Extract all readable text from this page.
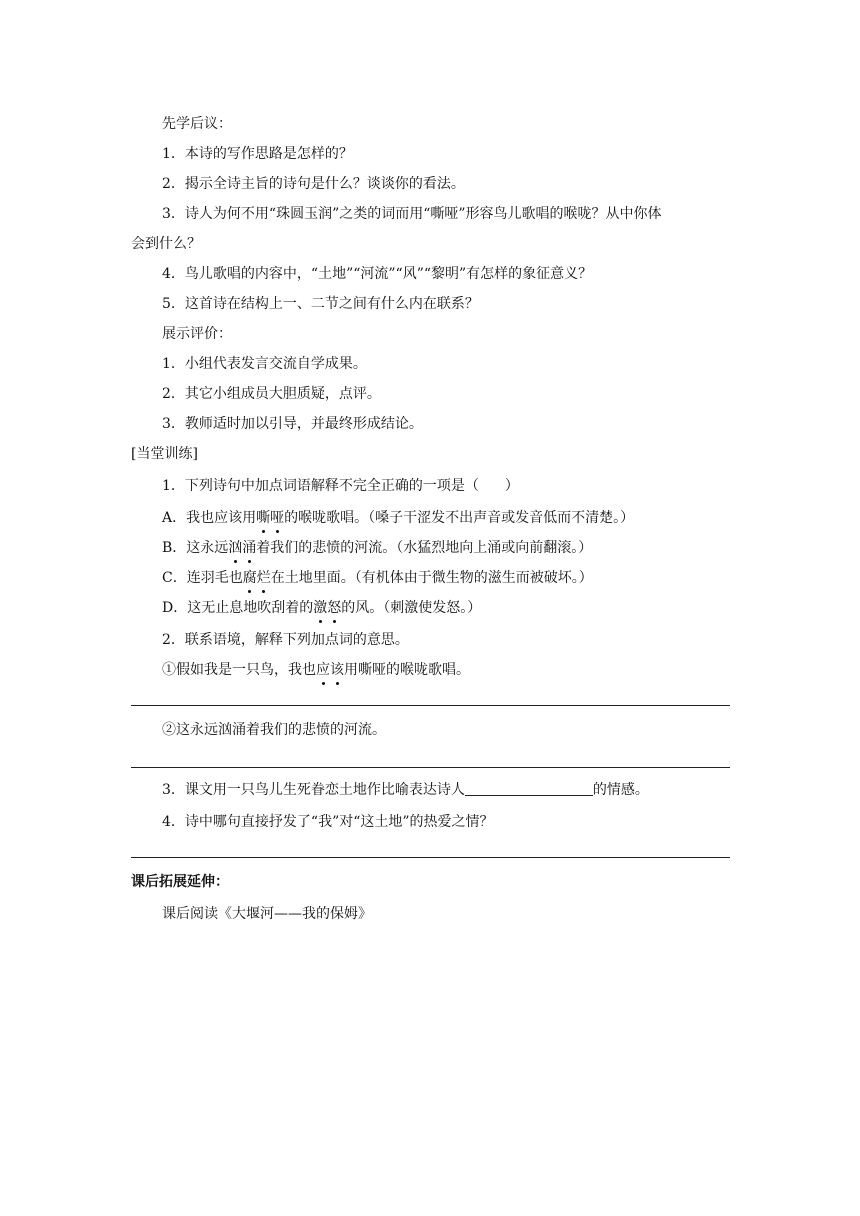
先学后议：
1．本诗的写作思路是怎样的？
2．揭示全诗主旨的诗句是什么？谈谈你的看法。
3．诗人为何不用“珠圆玉润”之类的词而用“嘶哑”形容鸟儿歌唱的喉咙？从中你体
会到什么？
4．鸟儿歌唱的内容中，“土地”“河流”“风”“黎明”有怎样的象征意义？
5．这首诗在结构上一、二节之间有什么内在联系？
展示评价：
1．小组代表发言交流自学成果。
2．其它小组成员大胆质疑，点评。
3．教师适时加以引导，并最终形成结论。
[当堂训练]
1．下列诗句中加点词语解释不完全正确的一项是（ ）
A．我也应该用嘶哑的喉咙歌唱。（嗓子干涩发不出声音或发音低而不清楚。）
B．这永远汹涌着我们的悲愤的河流。（水猛烈地向上涌或向前翻滚。）
C．连羽毛也腐烂在土地里面。（有机体由于微生物的滋生而被破坏。）
D．这无止息地吹刮着的激怒的风。（刺激使发怒。）
2．联系语境，解释下列加点词的意思。
①假如我是一只鸟，我也应该用嘶哑的喉咙歌唱。
②这永远汹涌着我们的悲愤的河流。
3．课文用一只鸟儿生死眷恋土地作比喻表达诗人	的情感。
4．诗中哪句直接抒发了“我”对“这土地”的热爱之情？
课后拓展延伸：
课后阅读《大堰河——我的保姆》
